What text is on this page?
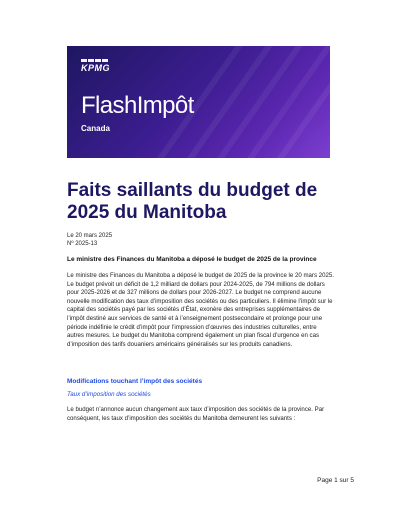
KPMG
FlashImpôt
Canada
Faits saillants du budget de 2025 du Manitoba
Le 20 mars 2025
Nº 2025-13
Le ministre des Finances du Manitoba a déposé le budget de 2025 de la province
Le ministre des Finances du Manitoba a déposé le budget de 2025 de la province le 20 mars 2025. Le budget prévoit un déficit de 1,2 milliard de dollars pour 2024-2025, de 794 millions de dollars pour 2025-2026 et de 327 millions de dollars pour 2026-2027. Le budget ne comprend aucune nouvelle modification des taux d’imposition des sociétés ou des particuliers. Il élimine l’impôt sur le capital des sociétés payé par les sociétés d’État, exonère des entreprises supplémentaires de l’impôt destiné aux services de santé et à l’enseignement postsecondaire et prolonge pour une période indéfinie le crédit d’impôt pour l’impression d’œuvres des industries culturelles, entre autres mesures. Le budget du Manitoba comprend également un plan fiscal d’urgence en cas d’imposition des tarifs douaniers américains généralisés sur les produits canadiens.
Modifications touchant l’impôt des sociétés
Taux d’imposition des sociétés
Le budget n’annonce aucun changement aux taux d’imposition des sociétés de la province. Par conséquent, les taux d’imposition des sociétés du Manitoba demeurent les suivants :
Page 1 sur 5
